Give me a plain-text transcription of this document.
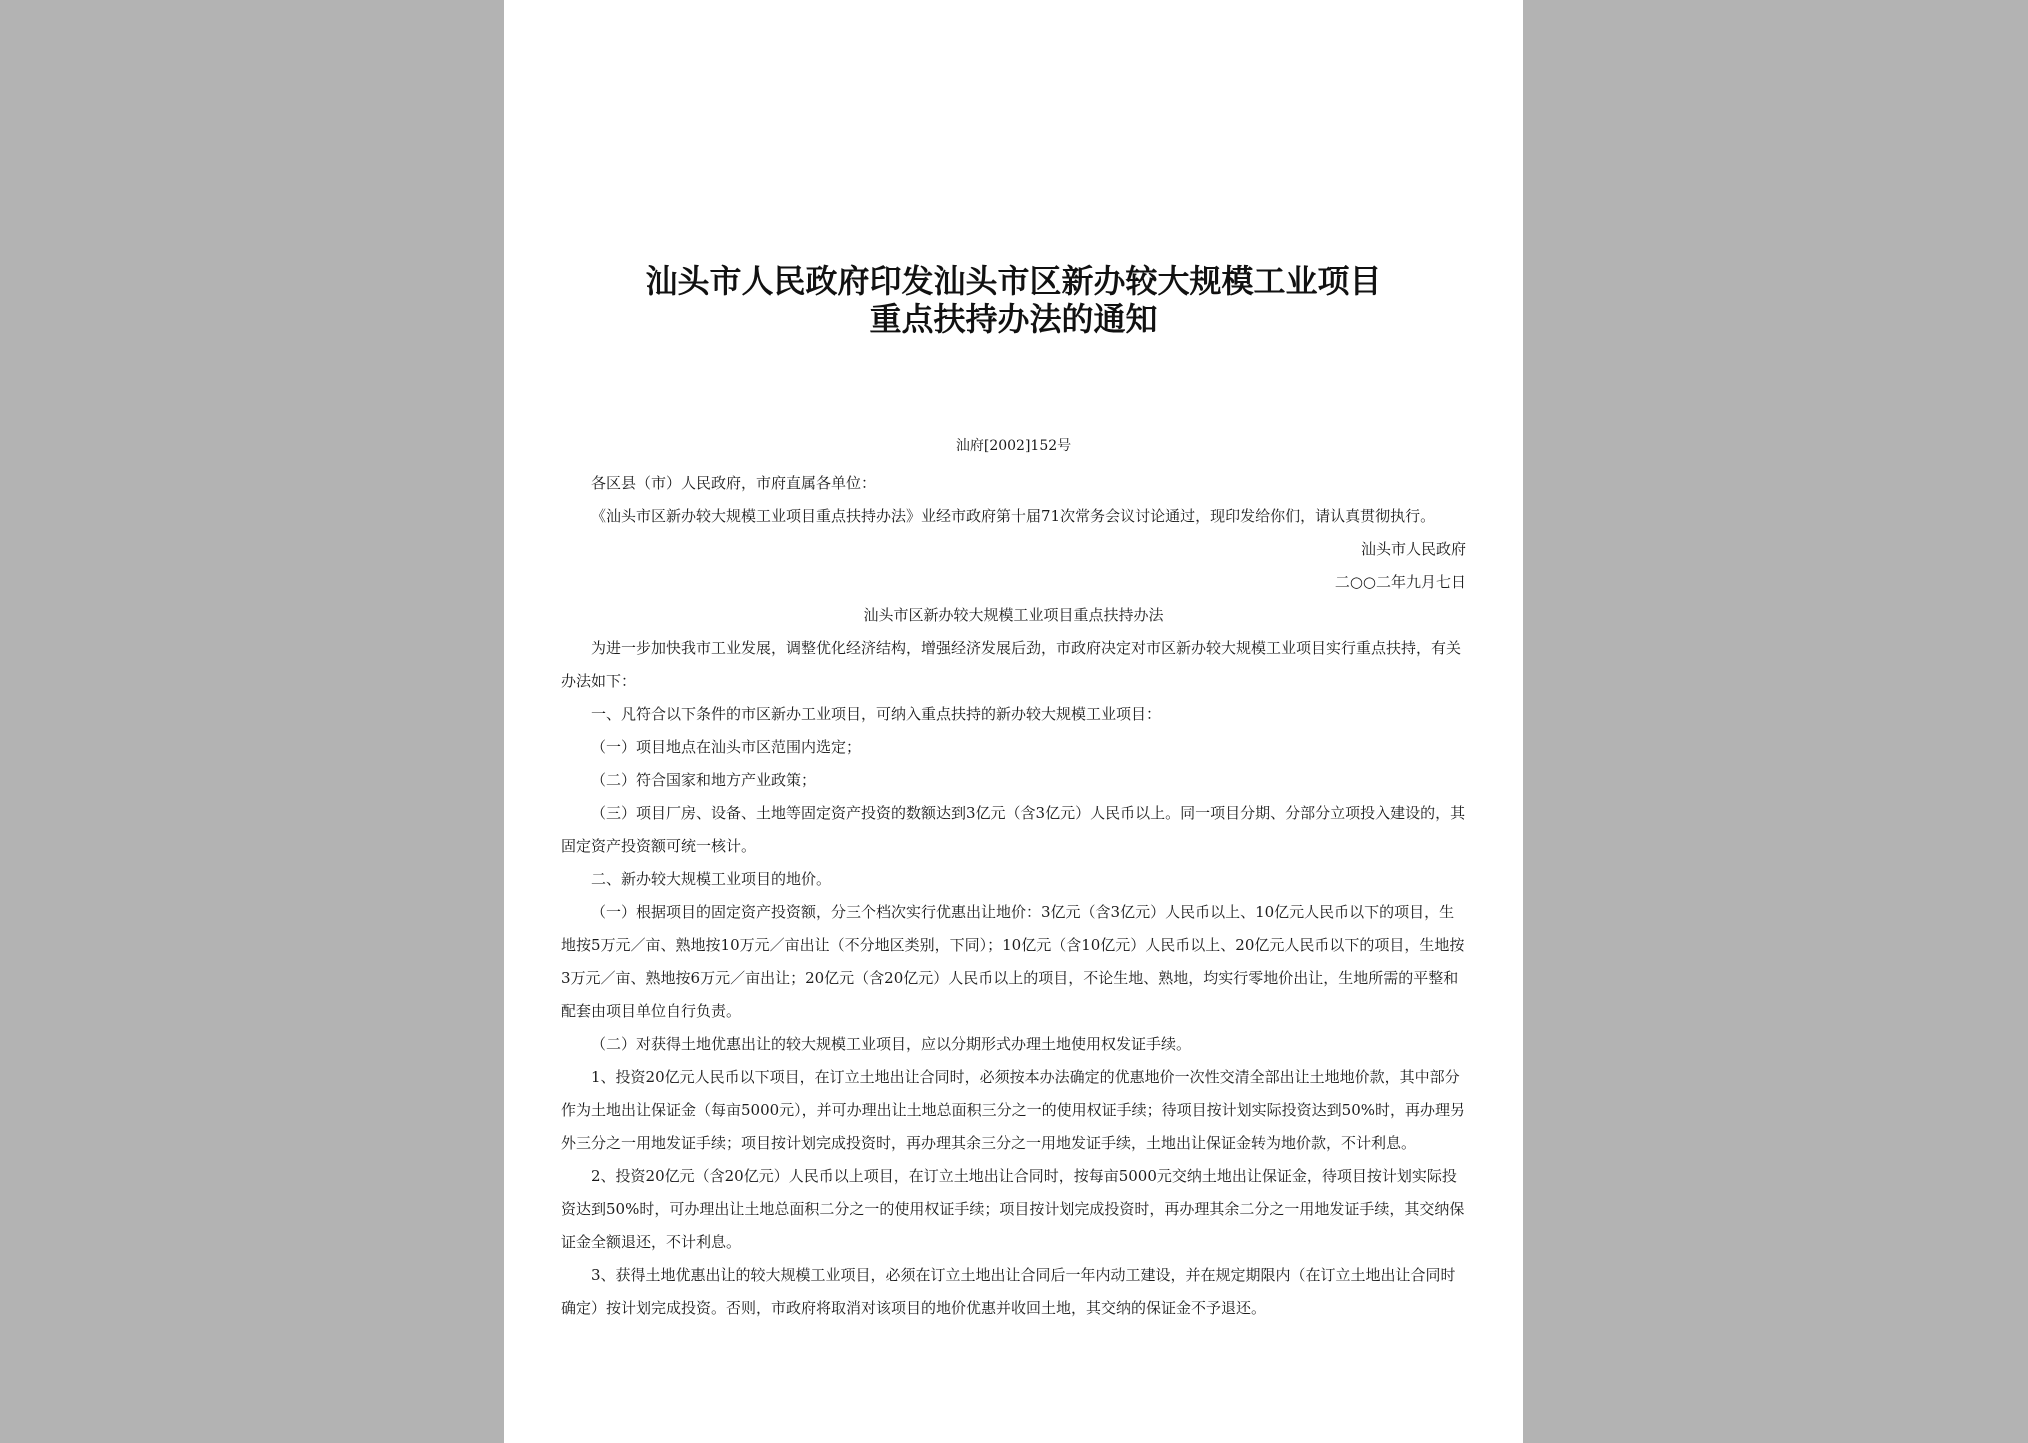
汕头市人民政府印发汕头市区新办较大规模工业项目
重点扶持办法的通知
汕府[2002]152号

各区县（市）人民政府，市府直属各单位：

《汕头市区新办较大规模工业项目重点扶持办法》业经市政府第十届71次常务会议讨论通过，现印发给你们，请认真贯彻执行。

汕头市人民政府

二○○二年九月七日

汕头市区新办较大规模工业项目重点扶持办法

为进一步加快我市工业发展，调整优化经济结构，增强经济发展后劲，市政府决定对市区新办较大规模工业项目实行重点扶持，有关办法如下：

一、凡符合以下条件的市区新办工业项目，可纳入重点扶持的新办较大规模工业项目：

（一）项目地点在汕头市区范围内选定；

（二）符合国家和地方产业政策；

（三）项目厂房、设备、土地等固定资产投资的数额达到3亿元（含3亿元）人民币以上。同一项目分期、分部分立项投入建设的，其固定资产投资额可统一核计。

二、新办较大规模工业项目的地价。

（一）根据项目的固定资产投资额，分三个档次实行优惠出让地价：3亿元（含3亿元）人民币以上、10亿元人民币以下的项目，生地按5万元／亩、熟地按10万元／亩出让（不分地区类别，下同）；10亿元（含10亿元）人民币以上、20亿元人民币以下的项目，生地按3万元／亩、熟地按6万元／亩出让；20亿元（含20亿元）人民币以上的项目，不论生地、熟地，均实行零地价出让，生地所需的平整和配套由项目单位自行负责。

（二）对获得土地优惠出让的较大规模工业项目，应以分期形式办理土地使用权发证手续。

1、投资20亿元人民币以下项目，在订立土地出让合同时，必须按本办法确定的优惠地价一次性交清全部出让土地地价款，其中部分作为土地出让保证金（每亩5000元），并可办理出让土地总面积三分之一的使用权证手续；待项目按计划实际投资达到50%时，再办理另外三分之一用地发证手续；项目按计划完成投资时，再办理其余三分之一用地发证手续，土地出让保证金转为地价款，不计利息。

2、投资20亿元（含20亿元）人民币以上项目，在订立土地出让合同时，按每亩5000元交纳土地出让保证金，待项目按计划实际投资达到50%时，可办理出让土地总面积二分之一的使用权证手续；项目按计划完成投资时，再办理其余二分之一用地发证手续，其交纳保证金全额退还，不计利息。

3、获得土地优惠出让的较大规模工业项目，必须在订立土地出让合同后一年内动工建设，并在规定期限内（在订立土地出让合同时确定）按计划完成投资。否则，市政府将取消对该项目的地价优惠并收回土地，其交纳的保证金不予退还。
